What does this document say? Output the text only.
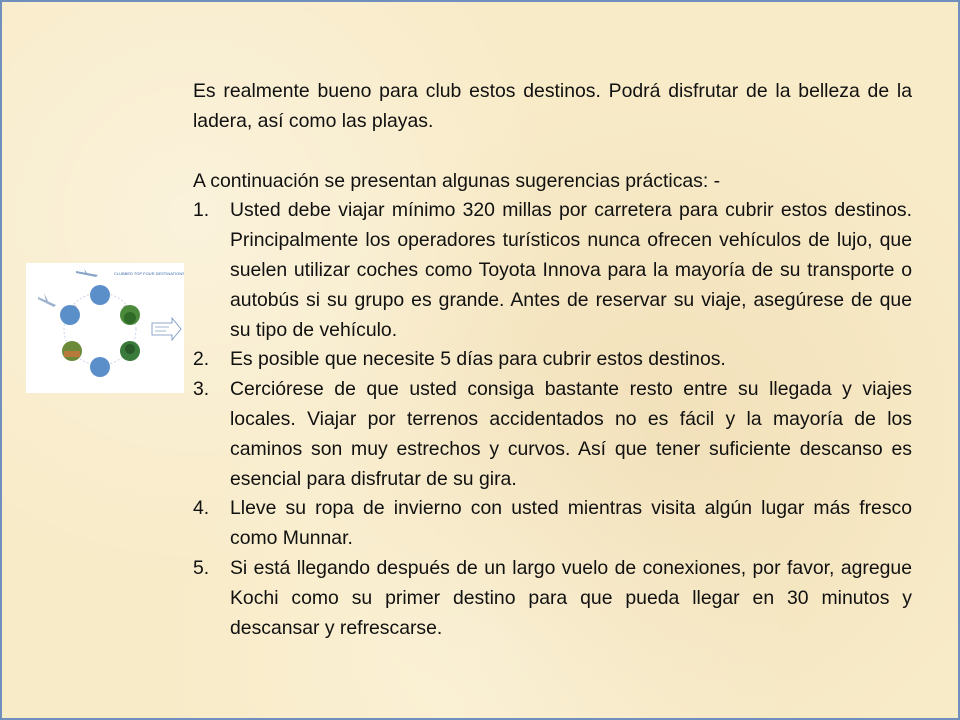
CLUBBED TOP FOUR DESTINATIONS

Es realmente bueno para club estos destinos. Podrá disfrutar de la belleza de la ladera, así como las playas.

A continuación se presentan algunas sugerencias prácticas: -

1. Usted debe viajar mínimo 320 millas por carretera para cubrir estos destinos. Principalmente los operadores turísticos nunca ofrecen vehículos de lujo, que suelen utilizar coches como Toyota Innova para la mayoría de su transporte o autobús si su grupo es grande. Antes de reservar su viaje, asegúrese de que su tipo de vehículo.
2. Es posible que necesite 5 días para cubrir estos destinos.
3. Cerciórese de que usted consiga bastante resto entre su llegada y viajes locales. Viajar por terrenos accidentados no es fácil y la mayoría de los caminos son muy estrechos y curvos. Así que tener suficiente descanso es esencial para disfrutar de su gira.
4. Lleve su ropa de invierno con usted mientras visita algún lugar más fresco como Munnar.
5. Si está llegando después de un largo vuelo de conexiones, por favor, agregue Kochi como su primer destino para que pueda llegar en 30 minutos y descansar y refrescarse.
